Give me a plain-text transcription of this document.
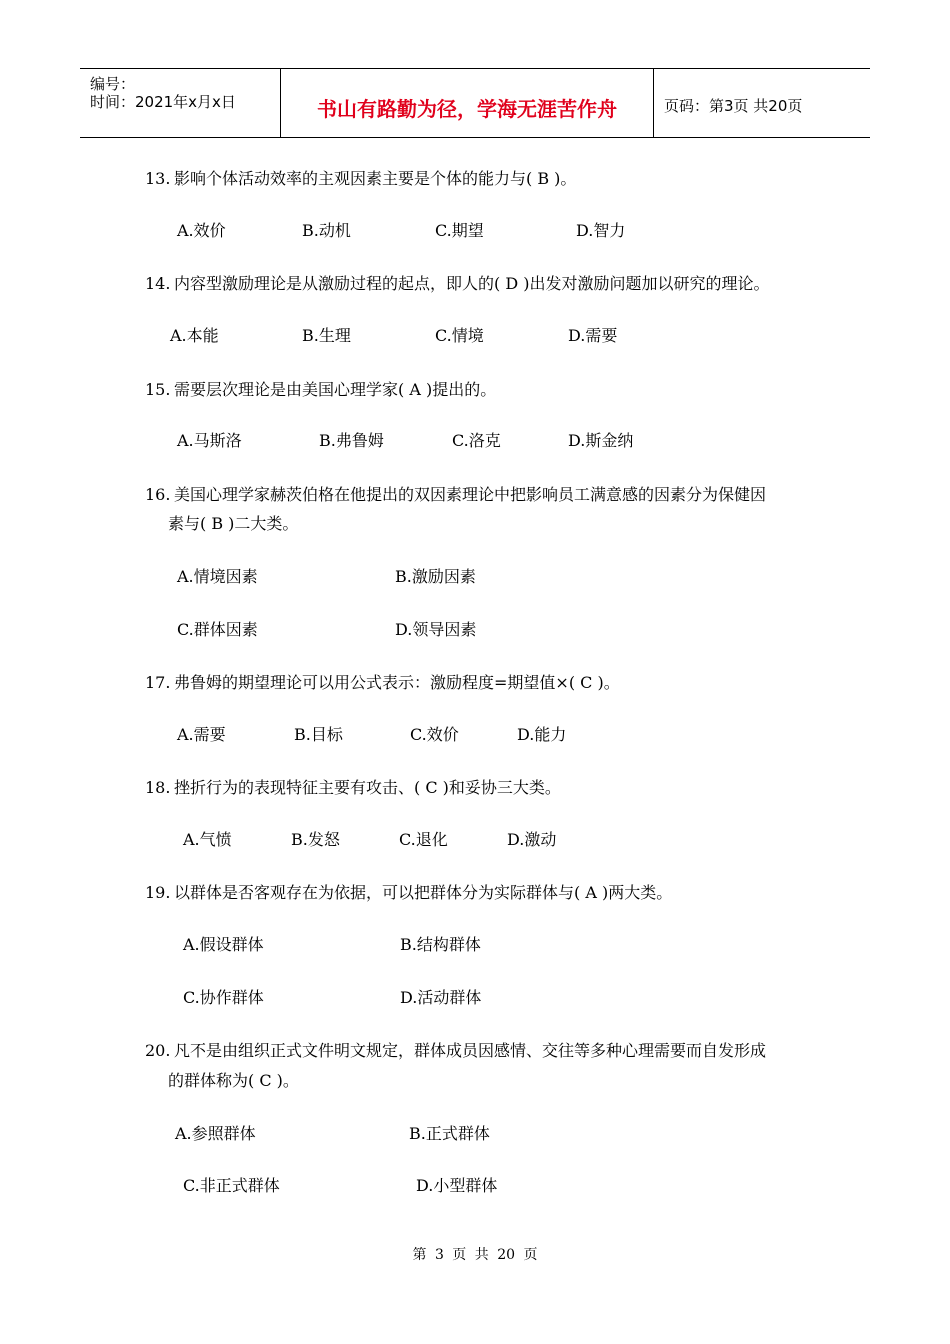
编号：
时间：2021年x月x日	书山有路勤为径，学海无涯苦作舟	页码：第3页 共20页
13. 影响个体活动效率的主观因素主要是个体的能力与( B )。
A.效价	B.动机	C.期望	D.智力
14. 内容型激励理论是从激励过程的起点，即人的( D )出发对激励问题加以研究的理论。
A.本能	B.生理	C.情境	D.需要
15. 需要层次理论是由美国心理学家( A )提出的。
A.马斯洛	B.弗鲁姆	C.洛克	D.斯金纳
16. 美国心理学家赫茨伯格在他提出的双因素理论中把影响员工满意感的因素分为保健因
素与( B )二大类。
A.情境因素	B.激励因素
C.群体因素	D.领导因素
17. 弗鲁姆的期望理论可以用公式表示：激励程度=期望值×( C )。
A.需要	B.目标	C.效价	D.能力
18. 挫折行为的表现特征主要有攻击、( C )和妥协三大类。
A.气愤	B.发怒	C.退化	D.激动
19. 以群体是否客观存在为依据，可以把群体分为实际群体与( A )两大类。
A.假设群体	B.结构群体
C.协作群体	D.活动群体
20. 凡不是由组织正式文件明文规定，群体成员因感情、交往等多种心理需要而自发形成
的群体称为( C )。
A.参照群体	B.正式群体
C.非正式群体	D.小型群体
第 3 页 共 20 页
